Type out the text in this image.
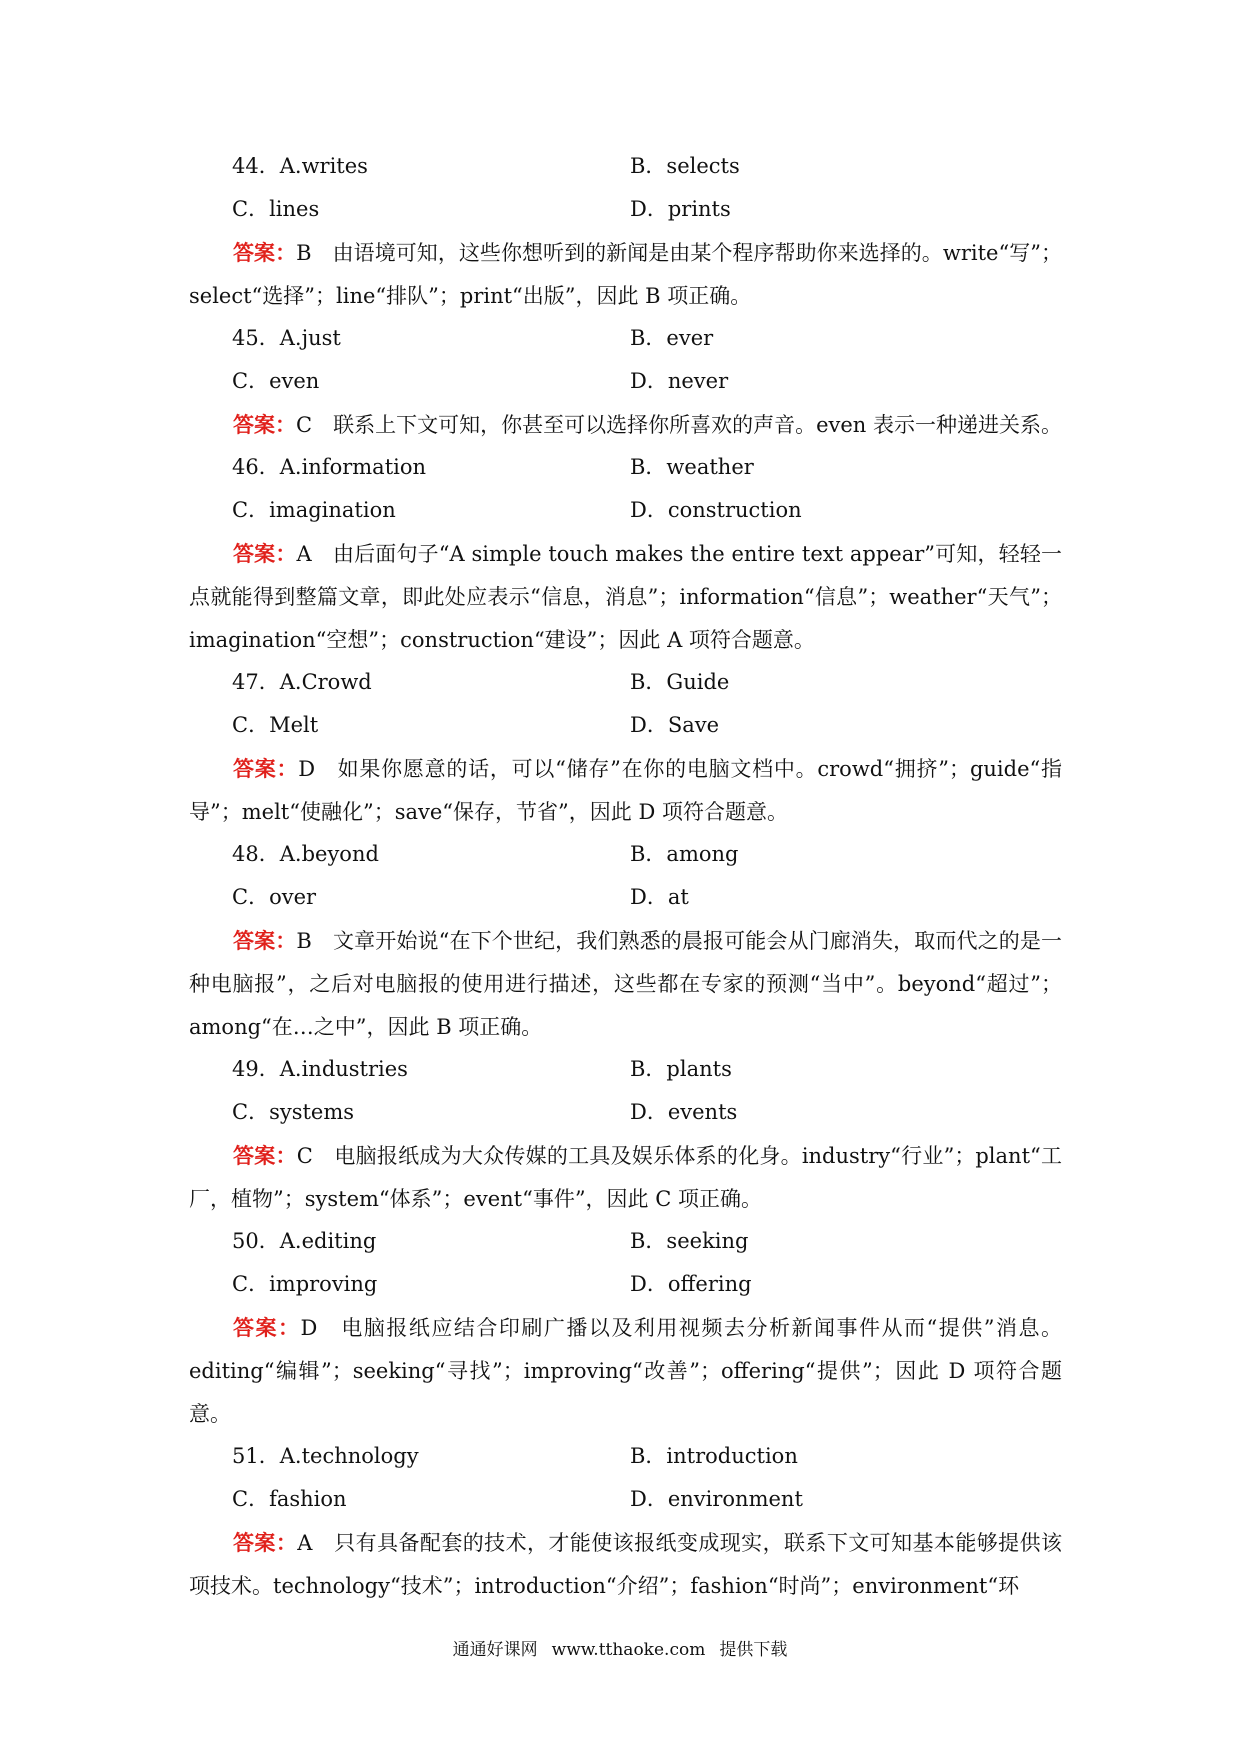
44．A.writes	B．selects
C．lines	D．prints
答案：B　由语境可知，这些你想听到的新闻是由某个程序帮助你来选择的。write“写”；select“选择”；line“排队”；print“出版”，因此 B 项正确。
45．A.just	B．ever
C．even	D．never
答案：C　联系上下文可知，你甚至可以选择你所喜欢的声音。even 表示一种递进关系。
46．A.information	B．weather
C．imagination	D．construction
答案：A　由后面句子“A simple touch makes the entire text appear”可知，轻轻一点就能得到整篇文章，即此处应表示“信息，消息”；information“信息”；weather“天气”；imagination“空想”；construction“建设”；因此 A 项符合题意。
47．A.Crowd	B．Guide
C．Melt	D．Save
答案：D　如果你愿意的话，可以“储存”在你的电脑文档中。crowd“拥挤”；guide“指导”；melt“使融化”；save“保存，节省”，因此 D 项符合题意。
48．A.beyond	B．among
C．over	D．at
答案：B　文章开始说“在下个世纪，我们熟悉的晨报可能会从门廊消失，取而代之的是一种电脑报”，之后对电脑报的使用进行描述，这些都在专家的预测“当中”。beyond“超过”；among“在…之中”，因此 B 项正确。
49．A.industries	B．plants
C．systems	D．events
答案：C　电脑报纸成为大众传媒的工具及娱乐体系的化身。industry“行业”；plant“工厂，植物”；system“体系”；event“事件”，因此 C 项正确。
50．A.editing	B．seeking
C．improving	D．offering
答案：D　电脑报纸应结合印刷广播以及利用视频去分析新闻事件从而“提供”消息。editing“编辑”；seeking“寻找”；improving“改善”；offering“提供”；因此 D 项符合题意。
51．A.technology	B．introduction
C．fashion	D．environment
答案：A　只有具备配套的技术，才能使该报纸变成现实，联系下文可知基本能够提供该项技术。technology“技术”；introduction“介绍”；fashion“时尚”；environment“环
通通好课网 www.tthaoke.com 提供下载
